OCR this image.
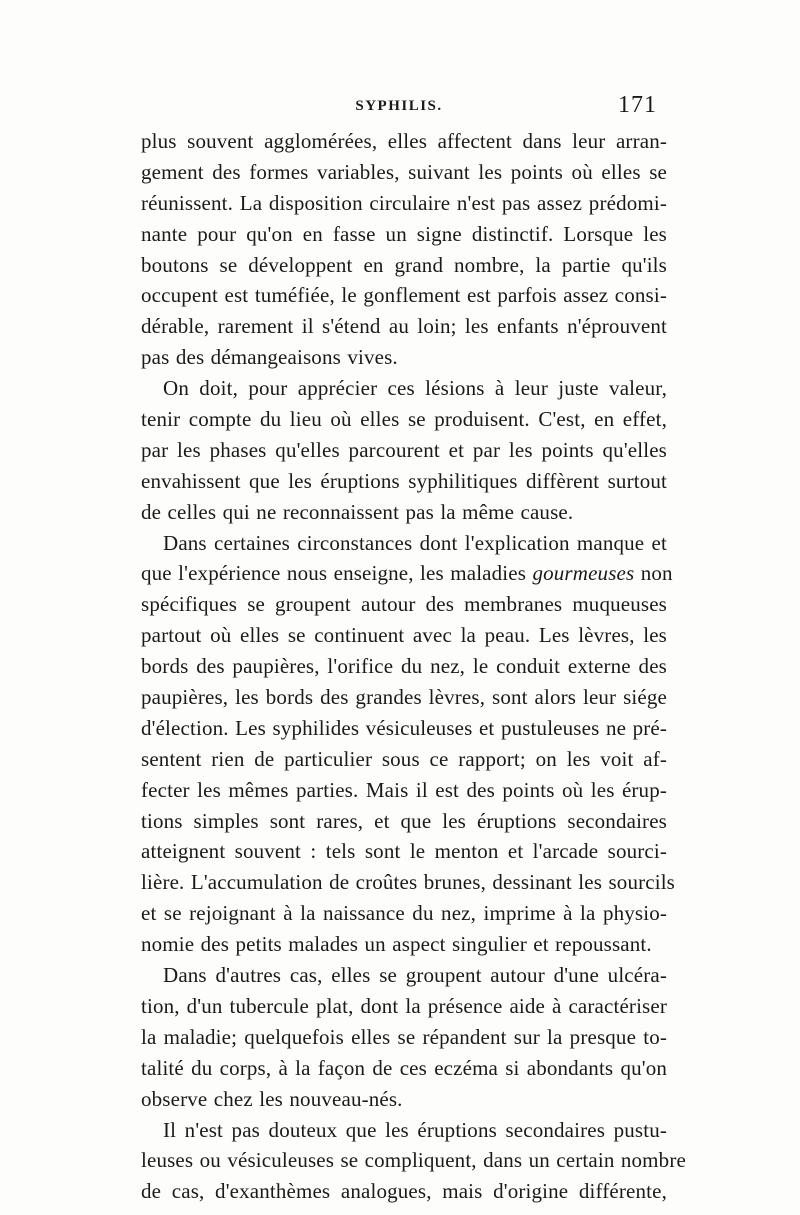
SYPHILIS.	171
plus souvent agglomérées, elles affectent dans leur arran-
gement des formes variables, suivant les points où elles se
réunissent. La disposition circulaire n'est pas assez prédomi-
nante pour qu'on en fasse un signe distinctif. Lorsque les
boutons se développent en grand nombre, la partie qu'ils
occupent est tuméfiée, le gonflement est parfois assez consi-
dérable, rarement il s'étend au loin; les enfants n'éprouvent
pas des démangeaisons vives.
On doit, pour apprécier ces lésions à leur juste valeur,
tenir compte du lieu où elles se produisent. C'est, en effet,
par les phases qu'elles parcourent et par les points qu'elles
envahissent que les éruptions syphilitiques diffèrent surtout
de celles qui ne reconnaissent pas la même cause.
Dans certaines circonstances dont l'explication manque et
que l'expérience nous enseigne, les maladies gourmeuses non
spécifiques se groupent autour des membranes muqueuses
partout où elles se continuent avec la peau. Les lèvres, les
bords des paupières, l'orifice du nez, le conduit externe des
paupières, les bords des grandes lèvres, sont alors leur siége
d'élection. Les syphilides vésiculeuses et pustuleuses ne pré-
sentent rien de particulier sous ce rapport; on les voit af-
fecter les mêmes parties. Mais il est des points où les érup-
tions simples sont rares, et que les éruptions secondaires
atteignent souvent : tels sont le menton et l'arcade sourci-
lière. L'accumulation de croûtes brunes, dessinant les sourcils
et se rejoignant à la naissance du nez, imprime à la physio-
nomie des petits malades un aspect singulier et repoussant.
Dans d'autres cas, elles se groupent autour d'une ulcéra-
tion, d'un tubercule plat, dont la présence aide à caractériser
la maladie; quelquefois elles se répandent sur la presque to-
talité du corps, à la façon de ces eczéma si abondants qu'on
observe chez les nouveau-nés.
Il n'est pas douteux que les éruptions secondaires pustu-
leuses ou vésiculeuses se compliquent, dans un certain nombre
de cas, d'exanthèmes analogues, mais d'origine différente,
